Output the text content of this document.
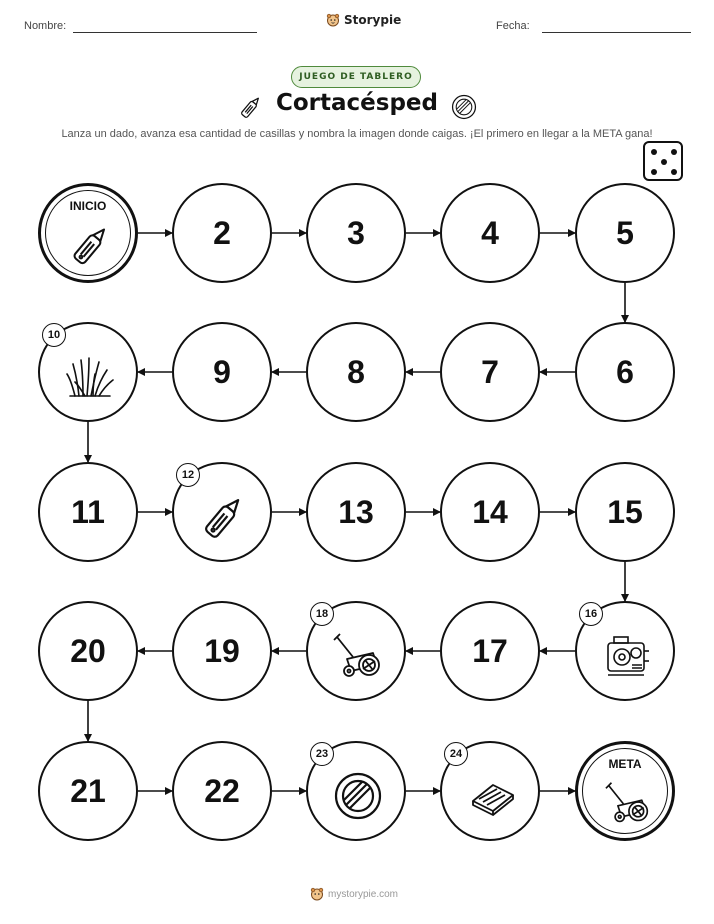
Nombre:	Storypie	Fecha:
JUEGO DE TABLERO
Cortacésped
Lanza un dado, avanza esa cantidad de casillas y nombra la imagen donde caigas. ¡El primero en llegar a la META gana!
INICIO
2	3	4	5
6
7
8
9
10
11
12
13	14	15
16
17
18
19
20
21	22
23	24
META
mystorypie.com
